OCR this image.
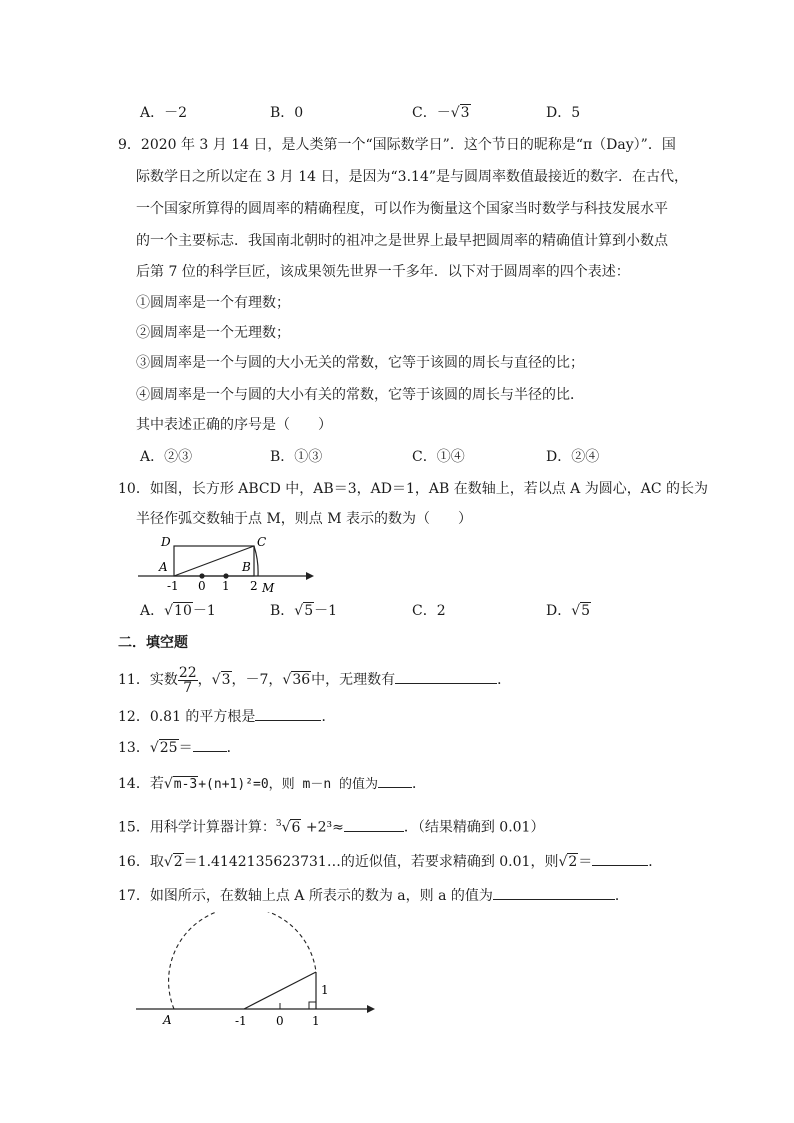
A．－2	B．0	C．－√3	D．5
9．2020 年 3 月 14 日，是人类第一个“国际数学日”．这个节日的昵称是“π（Day）”．国
际数学日之所以定在 3 月 14 日，是因为“3.14”是与圆周率数值最接近的数字．在古代，
一个国家所算得的圆周率的精确程度，可以作为衡量这个国家当时数学与科技发展水平
的一个主要标志．我国南北朝时的祖冲之是世界上最早把圆周率的精确值计算到小数点
后第 7 位的科学巨匠，该成果领先世界一千多年．以下对于圆周率的四个表述：
①圆周率是一个有理数；
②圆周率是一个无理数；
③圆周率是一个与圆的大小无关的常数，它等于该圆的周长与直径的比；
④圆周率是一个与圆的大小有关的常数，它等于该圆的周长与半径的比．
其中表述正确的序号是（　　）
A．②③	B．①③	C．①④	D．②④
10．如图，长方形 ABCD 中，AB＝3，AD＝1，AB 在数轴上，若以点 A 为圆心，AC 的长为
半径作弧交数轴于点 M，则点 M 表示的数为（　　）
D	C
A	B
-1 0 1 2 M
A．√10－1	B．√5－1	C．2	D．√5
二．填空题
11．实数 $\frac{22}{7}$ ，√3，－7，√36中，无理数有	．
12．0.81 的平方根是	．
13．√25＝ ．
14．若√m-3+(n+1)²=0，则 m－n 的值为 ．
15．用科学计算器计算：$^3$√6 +2³≈	．（结果精确到 0.01）
16．取√2＝1.4142135623731…的近似值，若要求精确到 0.01，则√2＝	．
17．如图所示，在数轴上点 A 所表示的数为 a，则 a 的值为	．
A	-1 0 1
1
